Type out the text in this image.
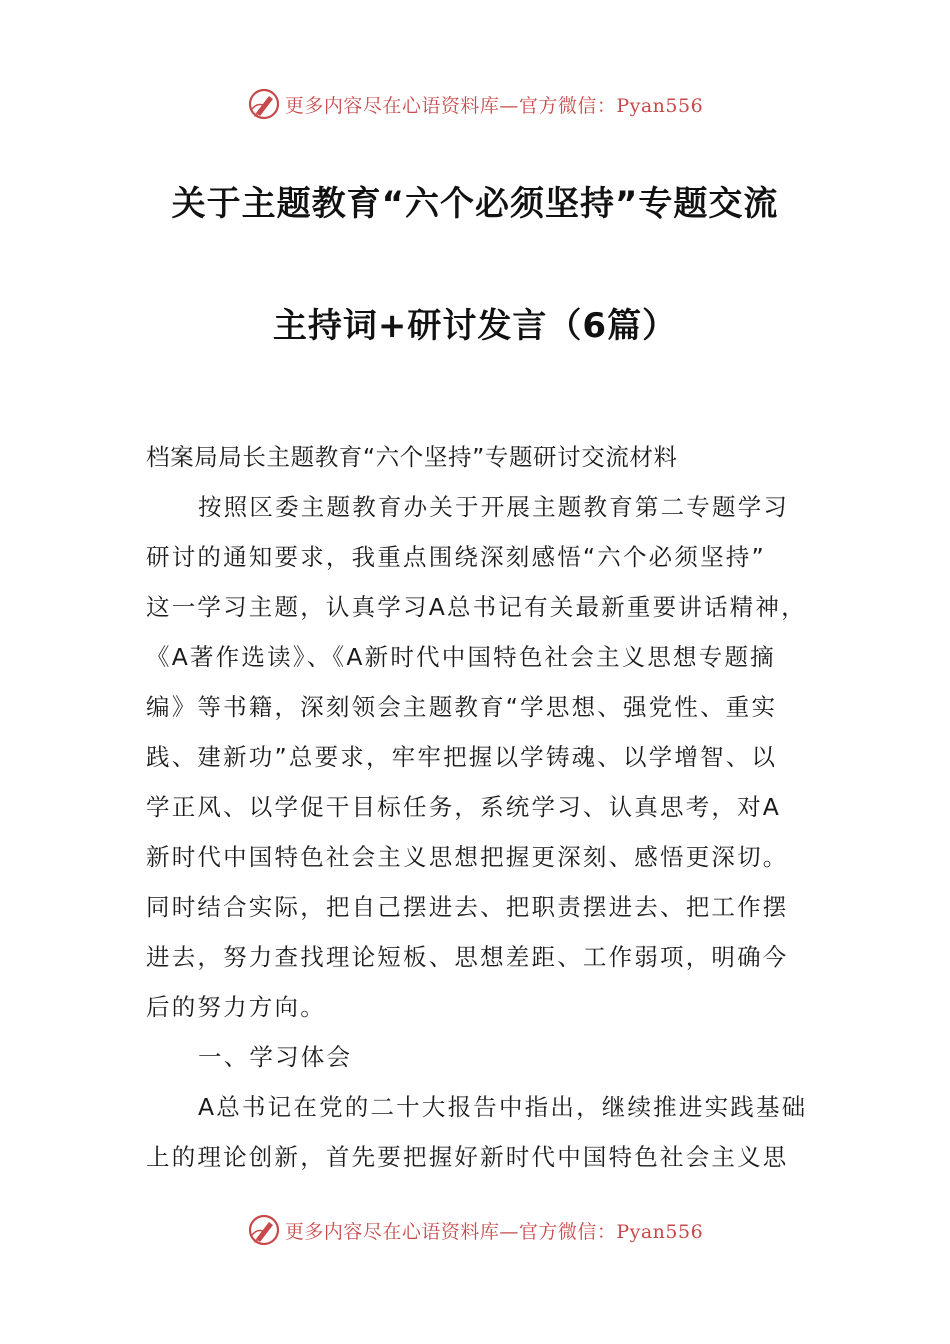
更多内容尽在心语资料库—官方微信：Pyan556
关于主题教育“六个必须坚持”专题交流
主持词+研讨发言（6篇）

档案局局长主题教育“六个坚持”专题研讨交流材料

按照区委主题教育办关于开展主题教育第二专题学习

研讨的通知要求，我重点围绕深刻感悟“六个必须坚持”

这一学习主题，认真学习A总书记有关最新重要讲话精神，

《A著作选读》、《A新时代中国特色社会主义思想专题摘

编》等书籍，深刻领会主题教育“学思想、强党性、重实

践、建新功”总要求，牢牢把握以学铸魂、以学增智、以

学正风、以学促干目标任务，系统学习、认真思考，对A

新时代中国特色社会主义思想把握更深刻、感悟更深切。

同时结合实际，把自己摆进去、把职责摆进去、把工作摆

进去，努力查找理论短板、思想差距、工作弱项，明确今

后的努力方向。

一、学习体会

A总书记在党的二十大报告中指出，继续推进实践基础

上的理论创新，首先要把握好新时代中国特色社会主义思

更多内容尽在心语资料库—官方微信：Pyan556
